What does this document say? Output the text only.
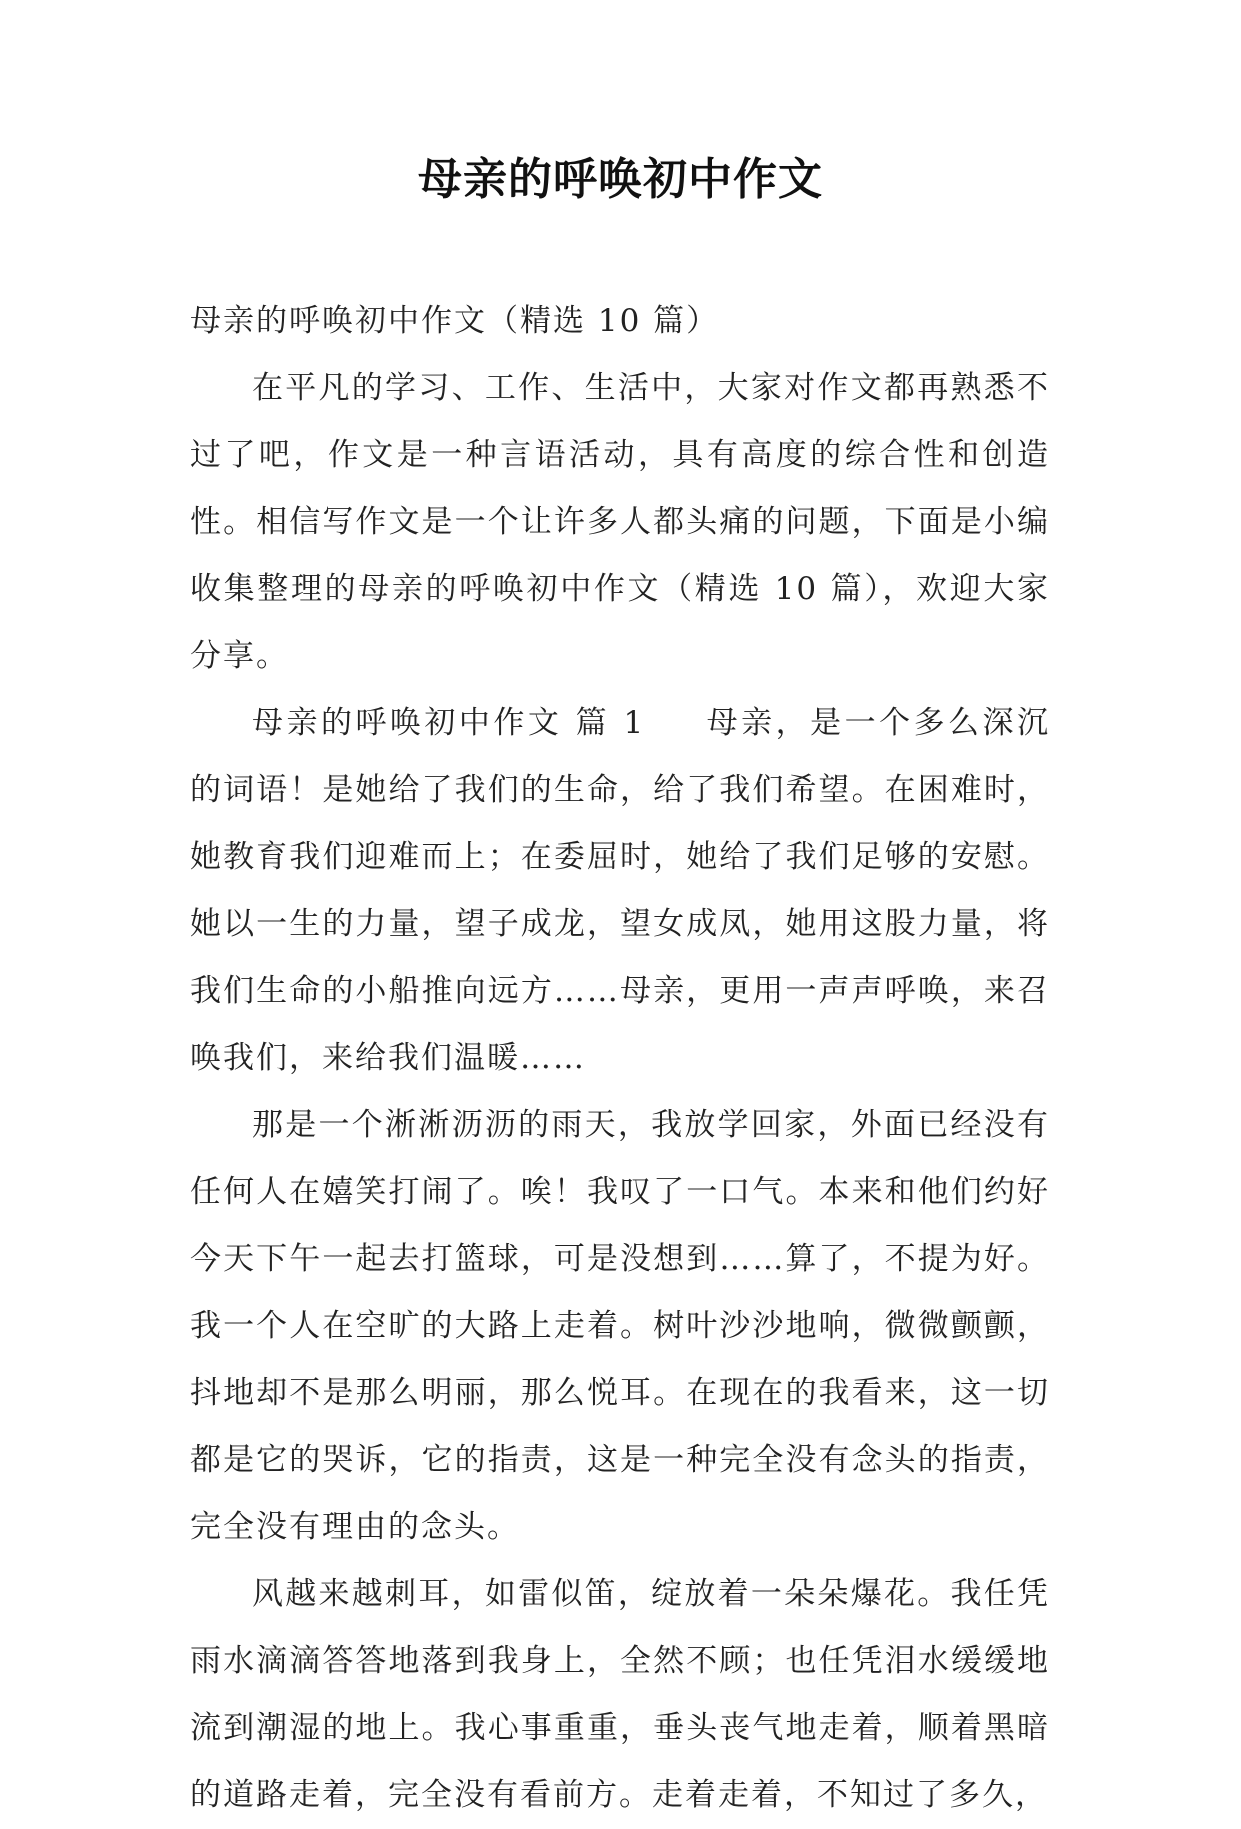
母亲的呼唤初中作文

母亲的呼唤初中作文（精选 10 篇）

在平凡的学习、工作、生活中，大家对作文都再熟悉不过了吧，作文是一种言语活动，具有高度的综合性和创造性。相信写作文是一个让许多人都头痛的问题，下面是小编收集整理的母亲的呼唤初中作文（精选 10 篇），欢迎大家分享。

母亲的呼唤初中作文 篇 1 母亲，是一个多么深沉的词语！是她给了我们的生命，给了我们希望。在困难时，她教育我们迎难而上；在委屈时，她给了我们足够的安慰。她以一生的力量，望子成龙，望女成凤，她用这股力量，将我们生命的小船推向远方……母亲，更用一声声呼唤，来召唤我们，来给我们温暖……

那是一个淅淅沥沥的雨天，我放学回家，外面已经没有任何人在嬉笑打闹了。唉！我叹了一口气。本来和他们约好今天下午一起去打篮球，可是没想到……算了，不提为好。我一个人在空旷的大路上走着。树叶沙沙地响，微微颤颤，抖地却不是那么明丽，那么悦耳。在现在的我看来，这一切都是它的哭诉，它的指责，这是一种完全没有念头的指责，完全没有理由的念头。

风越来越刺耳，如雷似笛，绽放着一朵朵爆花。我任凭雨水滴滴答答地落到我身上，全然不顾；也任凭泪水缓缓地流到潮湿的地上。我心事重重，垂头丧气地走着，顺着黑暗的道路走着，完全没有看前方。走着走着，不知过了多久，
